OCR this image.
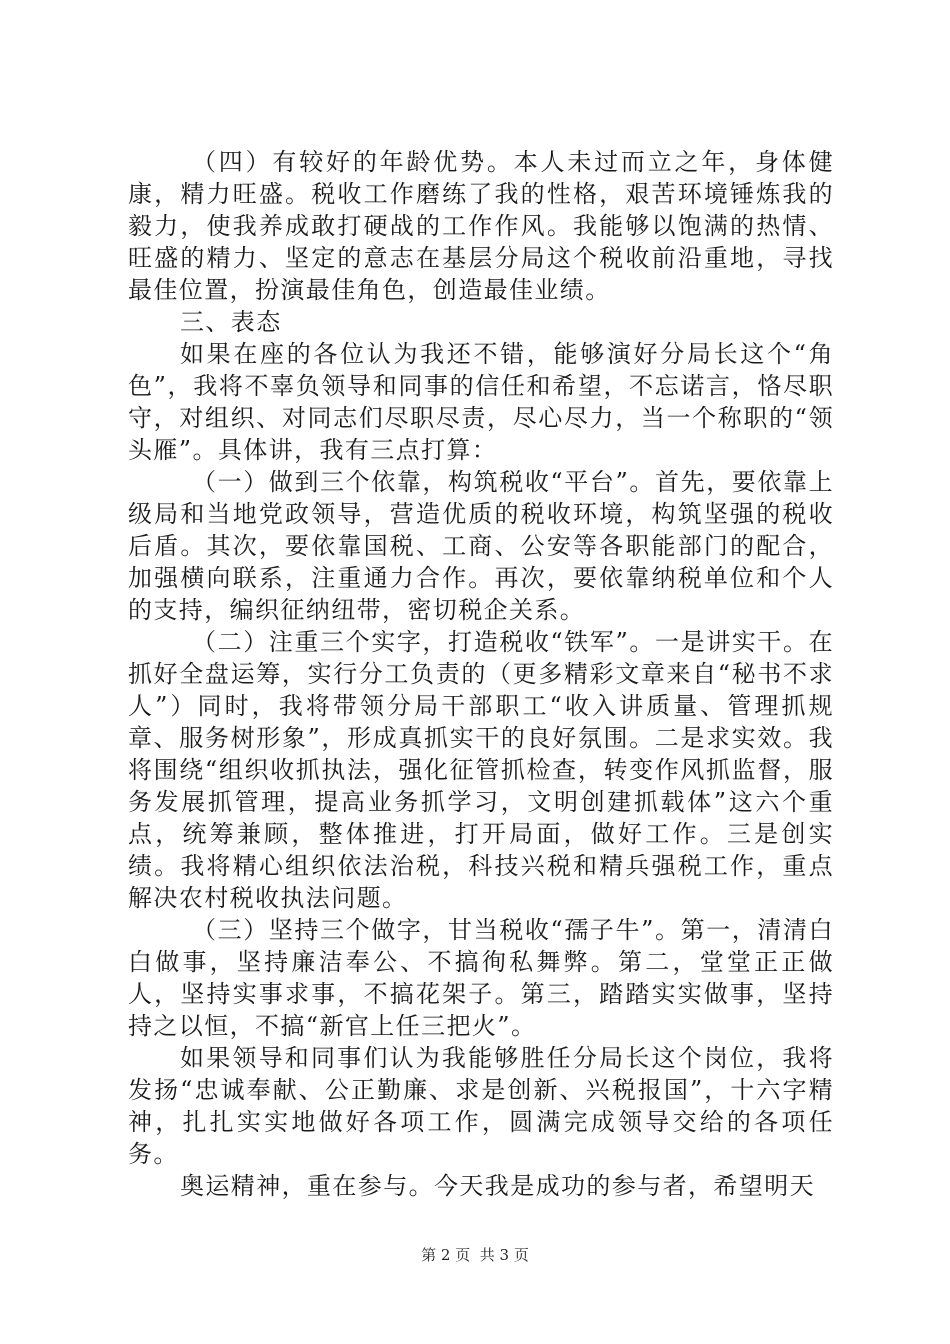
（四）有较好的年龄优势。本人未过而立之年，身体健康，精力旺盛。税收工作磨练了我的性格，艰苦环境锤炼我的毅力，使我养成敢打硬战的工作作风。我能够以饱满的热情、旺盛的精力、坚定的意志在基层分局这个税收前沿重地，寻找最佳位置，扮演最佳角色，创造最佳业绩。

三、表态

如果在座的各位认为我还不错，能够演好分局长这个“角色”，我将不辜负领导和同事的信任和希望，不忘诺言，恪尽职守，对组织、对同志们尽职尽责，尽心尽力，当一个称职的“领头雁”。具体讲，我有三点打算：

（一）做到三个依靠，构筑税收“平台”。首先，要依靠上级局和当地党政领导，营造优质的税收环境，构筑坚强的税收后盾。其次，要依靠国税、工商、公安等各职能部门的配合，加强横向联系，注重通力合作。再次，要依靠纳税单位和个人的支持，编织征纳纽带，密切税企关系。

（二）注重三个实字，打造税收“铁军”。一是讲实干。在抓好全盘运筹，实行分工负责的（更多精彩文章来自“秘书不求人”）同时，我将带领分局干部职工“收入讲质量、管理抓规章、服务树形象”，形成真抓实干的良好氛围。二是求实效。我将围绕“组织收抓执法，强化征管抓检查，转变作风抓监督，服务发展抓管理，提高业务抓学习，文明创建抓载体”这六个重点，统筹兼顾，整体推进，打开局面，做好工作。三是创实绩。我将精心组织依法治税，科技兴税和精兵强税工作，重点解决农村税收执法问题。

（三）坚持三个做字，甘当税收“孺子牛”。第一，清清白白做事，坚持廉洁奉公、不搞徇私舞弊。第二，堂堂正正做人，坚持实事求事，不搞花架子。第三，踏踏实实做事，坚持持之以恒，不搞“新官上任三把火”。

如果领导和同事们认为我能够胜任分局长这个岗位，我将发扬“忠诚奉献、公正勤廉、求是创新、兴税报国”，十六字精神，扎扎实实地做好各项工作，圆满完成领导交给的各项任务。

奥运精神，重在参与。今天我是成功的参与者，希望明天

第 2 页  共 3 页
